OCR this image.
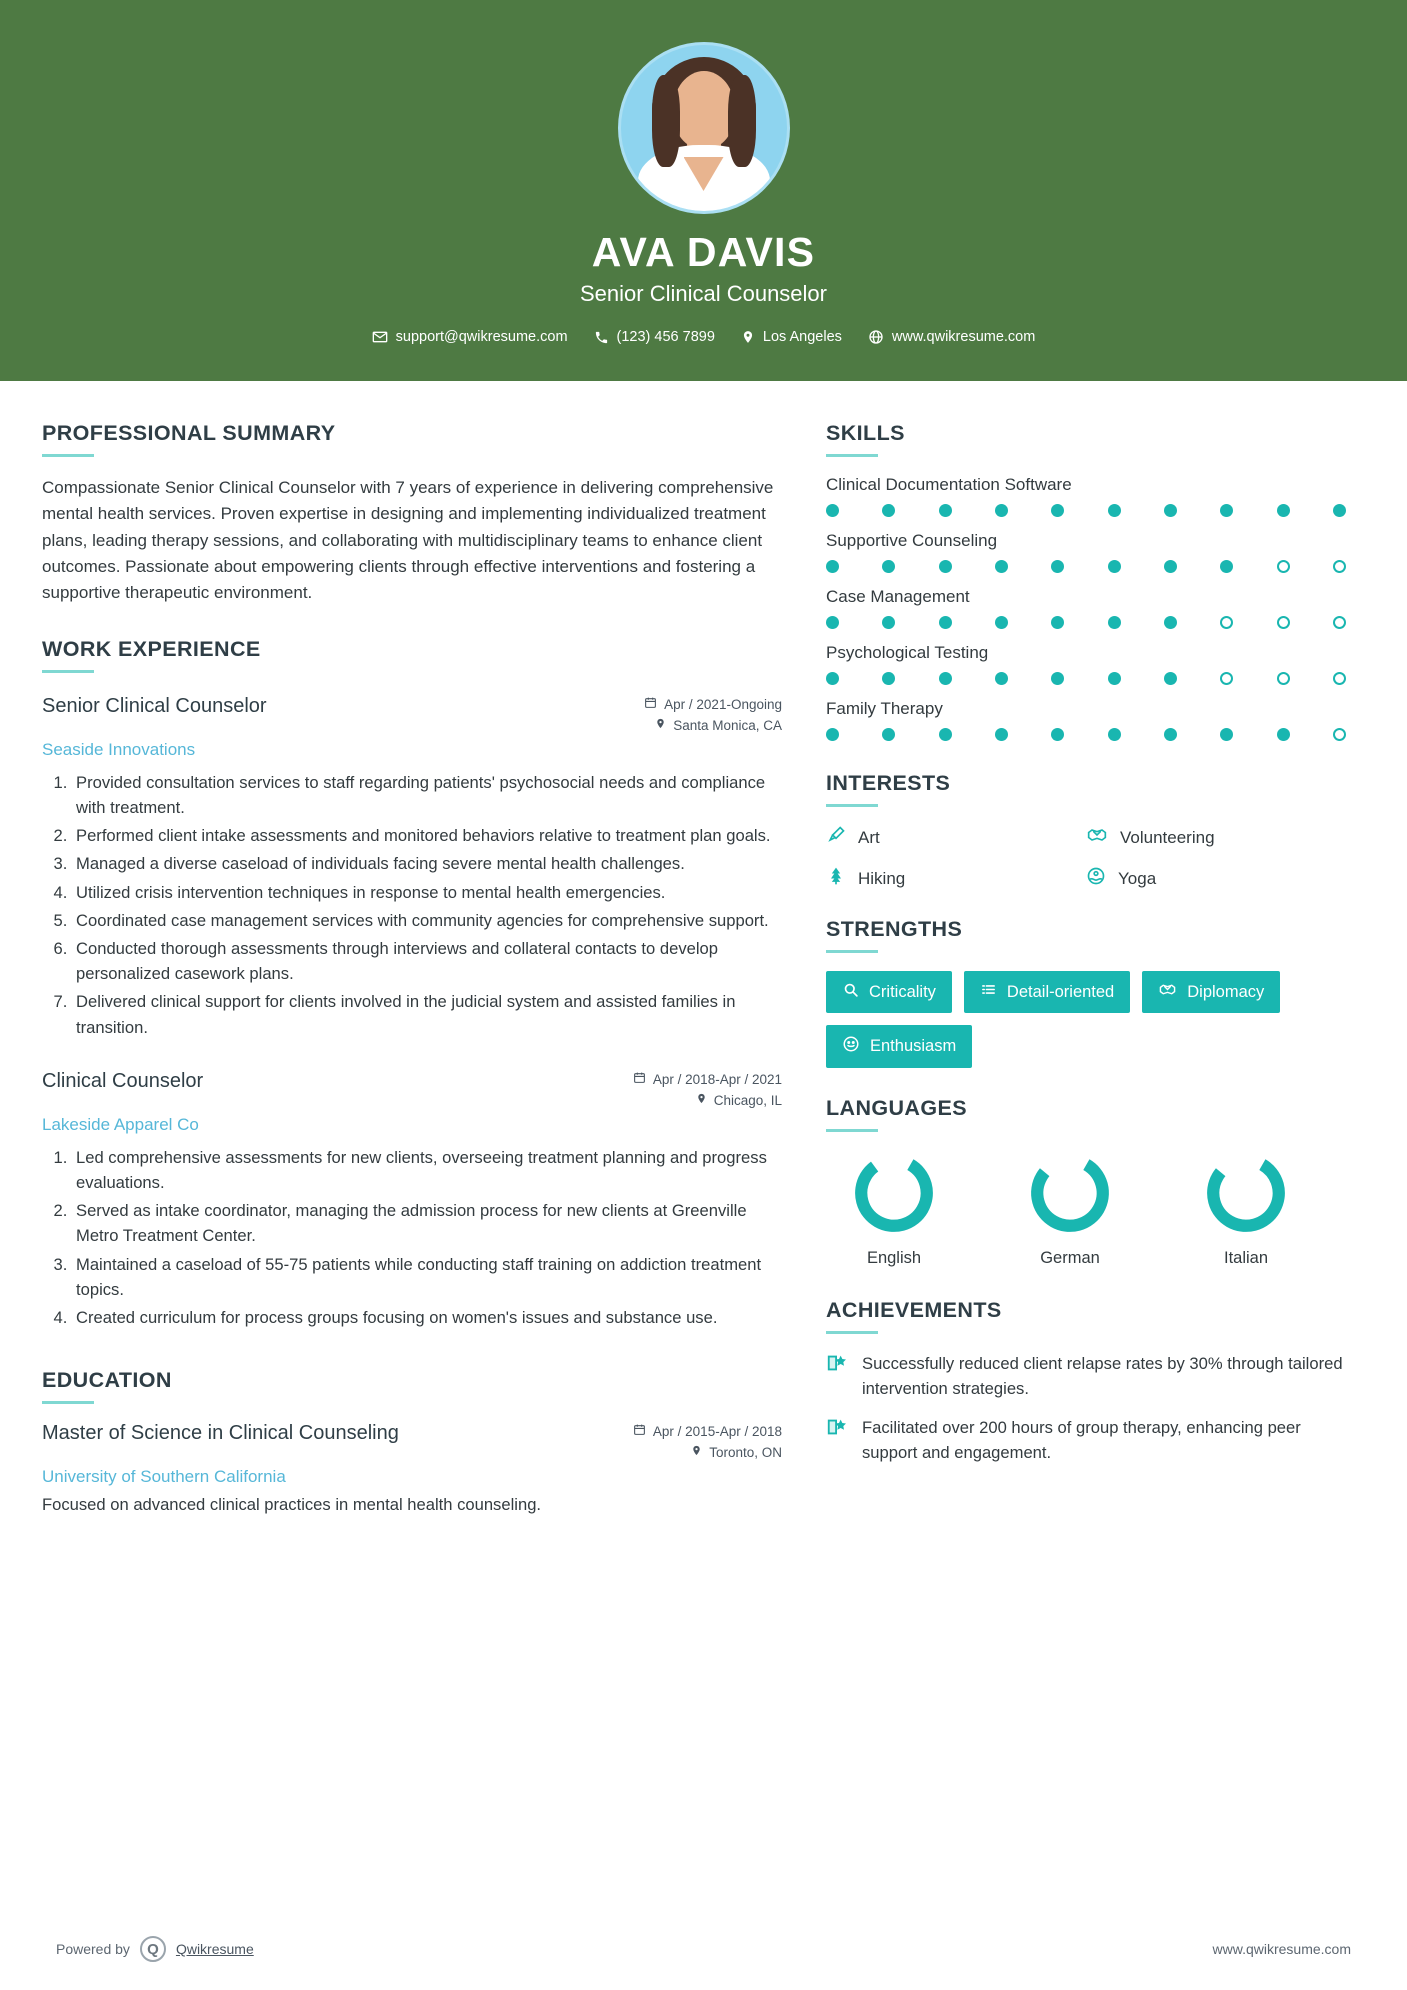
AVA DAVIS
Senior Clinical Counselor
support@qwikresume.com	(123) 456 7899	Los Angeles	www.qwikresume.com
PROFESSIONAL SUMMARY
Compassionate Senior Clinical Counselor with 7 years of experience in delivering comprehensive mental health services. Proven expertise in designing and implementing individualized treatment plans, leading therapy sessions, and collaborating with multidisciplinary teams to enhance client outcomes. Passionate about empowering clients through effective interventions and fostering a supportive therapeutic environment.
WORK EXPERIENCE
Senior Clinical Counselor	Apr / 2021-Ongoing
Santa Monica, CA
Seaside Innovations
1. Provided consultation services to staff regarding patients' psychosocial needs and compliance with treatment.
2. Performed client intake assessments and monitored behaviors relative to treatment plan goals.
3. Managed a diverse caseload of individuals facing severe mental health challenges.
4. Utilized crisis intervention techniques in response to mental health emergencies.
5. Coordinated case management services with community agencies for comprehensive support.
6. Conducted thorough assessments through interviews and collateral contacts to develop personalized casework plans.
7. Delivered clinical support for clients involved in the judicial system and assisted families in transition.
Clinical Counselor	Apr / 2018-Apr / 2021
Chicago, IL
Lakeside Apparel Co
1. Led comprehensive assessments for new clients, overseeing treatment planning and progress evaluations.
2. Served as intake coordinator, managing the admission process for new clients at Greenville Metro Treatment Center.
3. Maintained a caseload of 55-75 patients while conducting staff training on addiction treatment topics.
4. Created curriculum for process groups focusing on women's issues and substance use.
EDUCATION
Master of Science in Clinical Counseling	Apr / 2015-Apr / 2018
Toronto, ON
University of Southern California
Focused on advanced clinical practices in mental health counseling.
SKILLS
Clinical Documentation Software
Supportive Counseling
Case Management
Psychological Testing
Family Therapy
INTERESTS
Art	Volunteering
Hiking	Yoga
STRENGTHS
Criticality	Detail-oriented	Diplomacy
Enthusiasm
LANGUAGES
English	German	Italian
ACHIEVEMENTS
Successfully reduced client relapse rates by 30% through tailored intervention strategies.
Facilitated over 200 hours of group therapy, enhancing peer support and engagement.
Powered by	Q	Qwikresume	www.qwikresume.com
